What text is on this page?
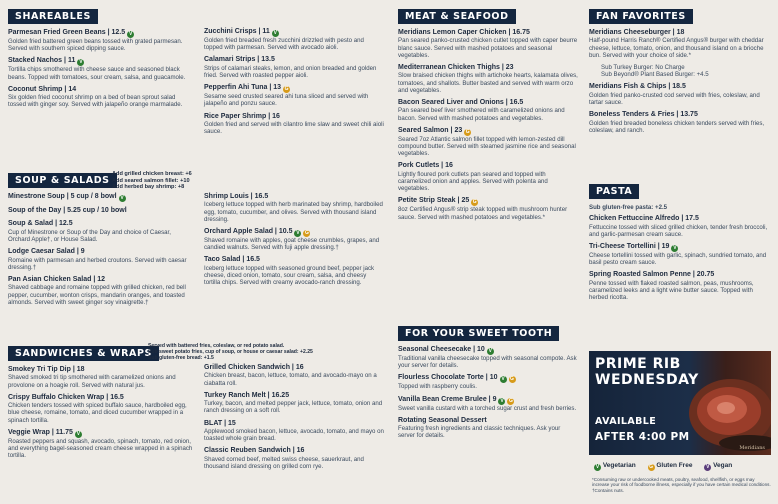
SHAREABLES
Parmesan Fried Green Beans | 12.5 V
Golden fried battered green beans tossed with grated parmesan. Served with southern spiced dipping sauce.
Stacked Nachos | 11 V
Tortilla chips smothered with cheese sauce and seasoned black beans. Topped with tomatoes, sour cream, salsa, and guacamole.
Coconut Shrimp | 14
Six golden fried coconut shrimp on a bed of bean sprout salad tossed with ginger soy. Served with jalapeño orange marmalade.
Zucchini Crisps | 11 V
Golden fried breaded fresh zucchini drizzled with pesto and topped with parmesan. Served with avocado aioli.
Calamari Strips | 13.5
Strips of calamari steaks, lemon, and onion breaded and golden fried. Served with roasted pepper aioli.
Pepperfin Ahi Tuna | 13 G
Sesame seed crusted seared ahi tuna sliced and served with jalapeño and ponzu sauce.
Rice Paper Shrimp | 16
Golden fried and served with cilantro lime slaw and sweet chili aioli sauce.
SOUP & SALADS
Minestrone Soup | 5 cup / 8 bowl V
Soup of the Day | 5.25 cup / 10 bowl
Soup & Salad | 12.5
Cup of Minestrone or Soup of the Day and choice of Caesar, Orchard Apple†, or House Salad.
Lodge Caesar Salad | 9
Romaine with parmesan and herbed croutons. Served with caesar dressing.†
Pan Asian Chicken Salad | 12
Shaved cabbage and romaine topped with grilled chicken, red bell pepper, cucumber, wonton crisps, mandarin oranges, and toasted almonds. Served with sweet ginger soy vinaigrette.†
Add grilled chicken breast: +6
Add seared salmon fillet: +10
Add herbed bay shrimp: +8
Shrimp Louis | 16.5
Iceberg lettuce topped with herb marinated bay shrimp, hardboiled egg, tomato, cucumber, and olives. Served with thousand island dressing.
Orchard Apple Salad | 10.5 V G
Shaved romaine with apples, goat cheese crumbles, grapes, and candied walnuts. Served with fuji apple dressing.†
Taco Salad | 16.5
Iceberg lettuce topped with seasoned ground beef, pepper jack cheese, diced onion, tomato, sour cream, salsa, and cheesy tortilla chips. Served with creamy avocado-ranch dressing.
SANDWICHES & WRAPS
Smokey Tri Tip Dip | 18
Shaved smoked tri tip smothered with caramelized onions and provolone on a hoagie roll. Served with natural jus.
Crispy Buffalo Chicken Wrap | 16.5
Chicken tenders tossed with spiced buffalo sauce, hardboiled egg, blue cheese, romaine, tomato, and diced cucumber wrapped in a spinach tortilla.
Veggie Wrap | 11.75 V
Roasted peppers and squash, avocado, spinach, tomato, red onion, and everything bagel-seasoned cream cheese wrapped in a spinach tortilla.
Served with battered fries, coleslaw, or red potato salad.
Sub sweet potato fries, cup of soup, or house or caesar salad: +2.25
Sub gluten-free bread: +1.5
Grilled Chicken Sandwich | 16
Chicken breast, bacon, lettuce, tomato, and avocado-mayo on a ciabatta roll.
Turkey Ranch Melt | 16.25
Turkey, bacon, and melted pepper jack, lettuce, tomato, onion and ranch dressing on a soft roll.
BLAT | 15
Applewood smoked bacon, lettuce, avocado, tomato, and mayo on toasted whole grain bread.
Classic Reuben Sandwich | 16
Shaved corned beef, melted swiss cheese, sauerkraut, and thousand island dressing on grilled corn rye.
MEAT & SEAFOOD
Meridians Lemon Caper Chicken | 16.75
Pan seared panko-crusted chicken cutlet topped with caper beurre blanc sauce. Served with mashed potatoes and seasonal vegetables.
Mediterranean Chicken Thighs | 23
Slow braised chicken thighs with artichoke hearts, kalamata olives, tomatoes, and shallots. Butter basted and served with warm orzo and vegetables.
Bacon Seared Liver and Onions | 16.5
Pan seared beef liver smothered with caramelized onions and bacon. Served with mashed potatoes and vegetables.
Seared Salmon | 23 G
Seared 7oz Atlantic salmon fillet topped with lemon-zested dill compound butter. Served with steamed jasmine rice and seasonal vegetables.
Pork Cutlets | 16
Lightly floured pork cutlets pan seared and topped with caramelized onion and apples. Served with polenta and vegetables.
Petite Strip Steak | 25 G
8oz Certified Angus® strip steak topped with mushroom hunter sauce. Served with mashed potatoes and vegetables.*
FOR YOUR SWEET TOOTH
Seasonal Cheesecake | 10 V
Traditional vanilla cheesecake topped with seasonal compote. Ask your server for details.
Flourless Chocolate Torte | 10 V G
Topped with raspberry coulis.
Vanilla Bean Creme Brulee | 9 V G
Sweet vanilla custard with a torched sugar crust and fresh berries.
Rotating Seasonal Dessert
Featuring fresh ingredients and classic techniques. Ask your server for details.
FAN FAVORITES
Meridians Cheeseburger | 18
Half-pound Harris Ranch® Certified Angus® burger with cheddar cheese, lettuce, tomato, onion, and thousand island on a brioche bun. Served with your choice of side.*
Sub Turkey Burger: No Charge
Sub Beyond® Plant Based Burger: +4.5
Meridians Fish & Chips | 18.5
Golden fried panko-crusted cod served with fries, coleslaw, and tartar sauce.
Boneless Tenders & Fries | 13.75
Golden fried breaded boneless chicken tenders served with fries, coleslaw, and ranch.
PASTA
Sub gluten-free pasta: +2.5
Chicken Fettuccine Alfredo | 17.5
Fettuccine tossed with sliced grilled chicken, tender fresh broccoli, and garlic-parmesan cream sauce.
Tri-Cheese Tortellini | 19 V
Cheese tortellini tossed with garlic, spinach, sundried tomato, and basil pesto cream sauce.
Spring Roasted Salmon Penne | 20.75
Penne tossed with flaked roasted salmon, peas, mushrooms, caramelized leeks and a light wine butter sauce. Topped with herbed ricotta.
PRIME RIB
WEDNESDAY
AVAILABLE
AFTER 4:00 PM
Meridians
V Vegetarian	G Gluten Free	V Vegan
*Consuming raw or undercooked meats, poultry, seafood, shellfish, or eggs may increase your risk of foodborne illness, especially if you have certain medical conditions. †Contains nuts.
